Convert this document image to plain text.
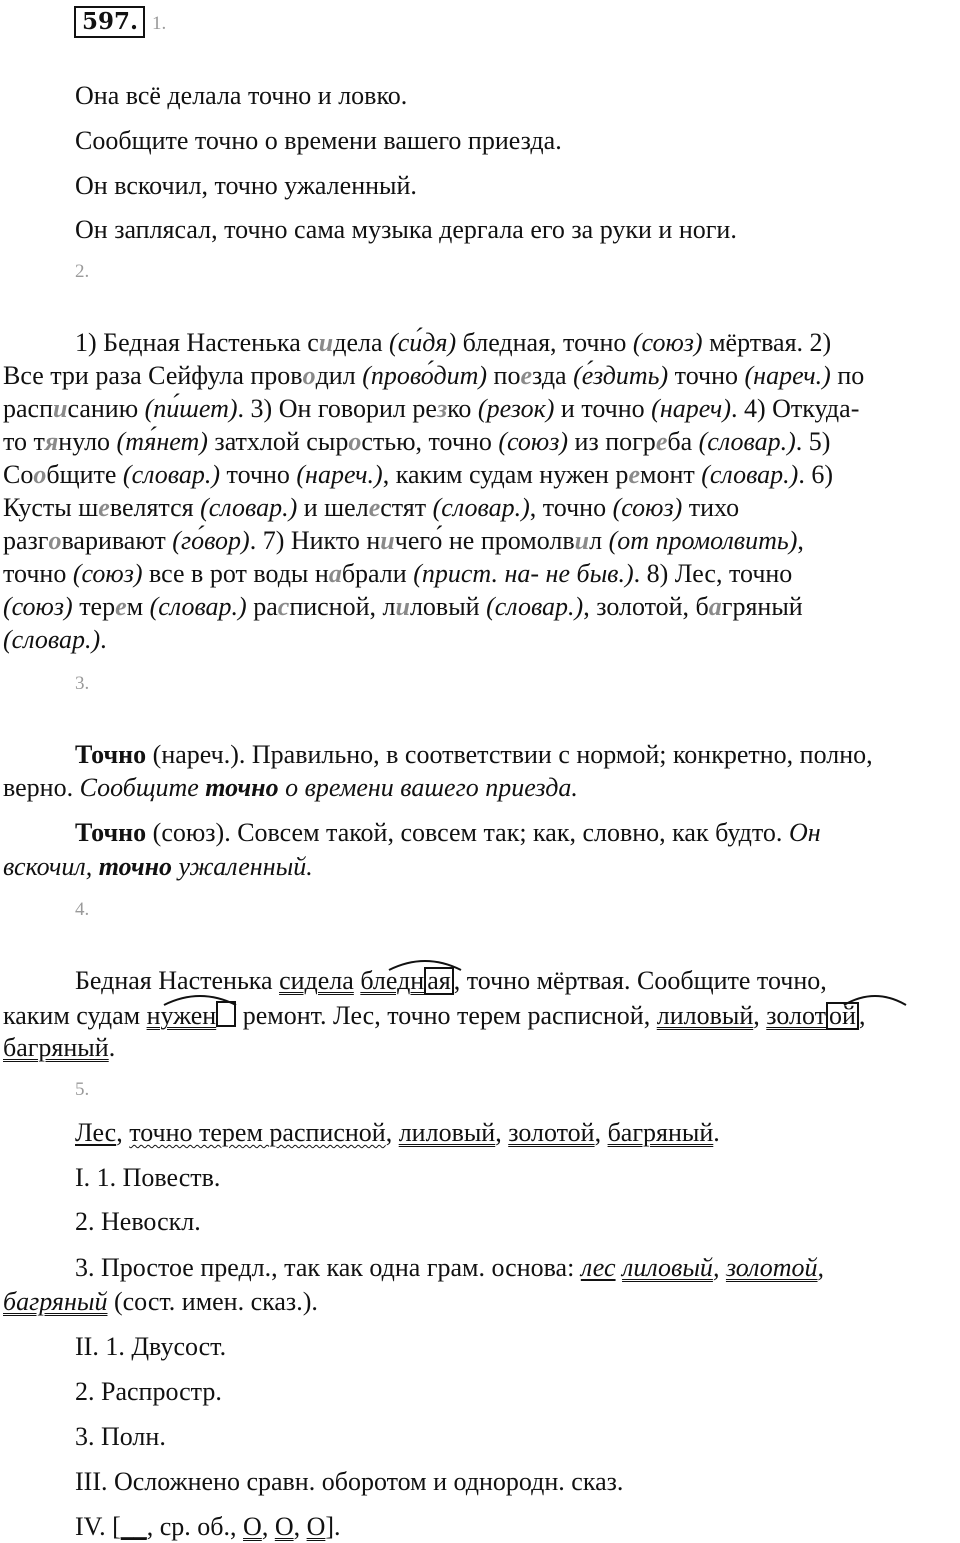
597. 1.
Она всё делала точно и ловко.
Сообщите точно о времени вашего приезда.
Он вскочил, точно ужаленный.
Он заплясал, точно сама музыка дергала его за руки и ноги.
2.
1) Бедная Настенька сидела (си́дя) бледная, точно (союз) мёртвая. 2)
Все три раза Сейфула проводил (прово́дит) поезда (е́здить) точно (нареч.) по
расписанию (пи́шет). 3) Он говорил резко (резок) и точно (нареч). 4) Откуда-
то тянуло (тя́нет) затхлой сыростью, точно (союз) из погреба (словар.). 5)
Сообщите (словар.) точно (нареч.), каким судам нужен ремонт (словар.). 6)
Кусты шевелятся (словар.) и шелестят (словар.), точно (союз) тихо
разговаривают (го́вор). 7) Никто ничего́ не промолвил (от промолвить),
точно (союз) все в рот воды набрали (прист. на- не быв.). 8) Лес, точно
(союз) терем (словар.) расписной, лиловый (словар.), золотой, багряный
(словар.).
3.
Точно (нареч.). Правильно, в соответствии с нормой; конкретно, полно,
верно. Сообщите точно о времени вашего приезда.
Точно (союз). Совсем такой, совсем так; как, словно, как будто. Он
вскочил, точно ужаленный.
4.
Бедная Настенька сидела бледн ая , точно мёртвая. Сообщите точно,
каким судам нужен ремонт. Лес, точно терем расписной, лиловый, золот ой ,
багряный.
5.
Лес, точно терем расписной, лиловый, золотой, багряный.
I. 1. Повеств.
2. Невоскл.
3. Простое предл., так как одна грам. основа: лес лиловый, золотой,
багряный (сост. имен. сказ.).
II. 1. Двусост.
2. Распростр.
3. Полн.
III. Осложнено сравн. оборотом и однородн. сказ.
IV. [__, ср. об., О, О, О].
